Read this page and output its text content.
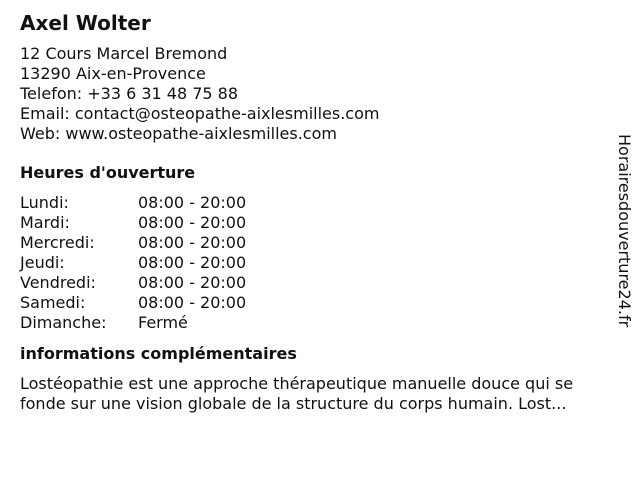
Axel Wolter
12 Cours Marcel Bremond
13290 Aix-en-Provence
Telefon: +33 6 31 48 75 88
Email: contact@osteopathe-aixlesmilles.com
Web: www.osteopathe-aixlesmilles.com
Heures d'ouverture
Lundi:	08:00 - 20:00
Mardi:	08:00 - 20:00
Mercredi:	08:00 - 20:00
Jeudi:	08:00 - 20:00
Vendredi:	08:00 - 20:00
Samedi:	08:00 - 20:00
Dimanche:	Fermé
informations complémentaires

Lostéopathie est une approche thérapeutique manuelle douce qui se fonde sur une vision globale de la structure du corps humain. Lost...

Horairesdouverture24.fr
